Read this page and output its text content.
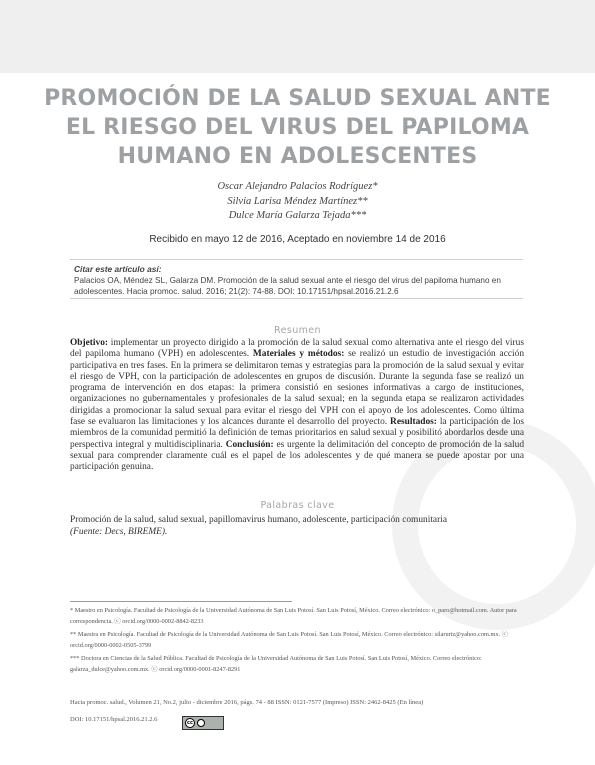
PROMOCIÓN DE LA SALUD SEXUAL ANTE
EL RIESGO DEL VIRUS DEL PAPILOMA
HUMANO EN ADOLESCENTES
Oscar Alejandro Palacios Rodríguez*
Silvia Larisa Méndez Martínez**
Dulce María Galarza Tejada***
Recibido en mayo 12 de 2016, Aceptado en noviembre 14 de 2016
Citar este artículo así:
Palacios OA, Méndez SL, Galarza DM. Promoción de la salud sexual ante el riesgo del virus del papiloma humano en adolescentes. Hacia promoc. salud. 2016; 21(2): 74-88. DOI: 10.17151/hpsal.2016.21.2.6
Resumen
Objetivo: implementar un proyecto dirigido a la promoción de la salud sexual como alternativa ante el riesgo del virus del papiloma humano (VPH) en adolescentes. Materiales y métodos: se realizó un estudio de investigación acción participativa en tres fases. En la primera se delimitaron temas y estrategias para la promoción de la salud sexual y evitar el riesgo de VPH, con la participación de adolescentes en grupos de discusión. Durante la segunda fase se realizó un programa de intervención en dos etapas: la primera consistió en sesiones informativas a cargo de instituciones, organizaciones no gubernamentales y profesionales de la salud sexual; en la segunda etapa se realizaron actividades dirigidas a promocionar la salud sexual para evitar el riesgo del VPH con el apoyo de los adolescentes. Como última fase se evaluaron las limitaciones y los alcances durante el desarrollo del proyecto. Resultados: la participación de los miembros de la comunidad permitió la definición de temas prioritarios en salud sexual y posibilitó abordarlos desde una perspectiva integral y multidisciplinaria. Conclusión: es urgente la delimitación del concepto de promoción de la salud sexual para comprender claramente cuál es el papel de los adolescentes y de qué manera se puede apostar por una participación genuina.
Palabras clave
Promoción de la salud, salud sexual, papillomavirus humano, adolescente, participación comunitaria
(Fuente: Decs, BIREME).
* Maestro en Psicología. Facultad de Psicología de la Universidad Autónoma de San Luis Potosí. San Luis Potosí, México. Correo electrónico: o_paro@hotmail.com. Autor para correspondencia. ⓒ orcid.org/0000-0002-8842-8233
** Maestra en Psicología. Facultad de Psicología de la Universidad Autónoma de San Luis Potosí. San Luis Potosí, México. Correo electrónico: silarurtz@yahoo.com.mx. ⓒ orcid.org/0000-0002-0505-3799
*** Doctora en Ciencias de la Salud Pública. Facultad de Psicología de la Universidad Autónoma de San Luis Potosí. San Luis Potosí, México. Correo electrónico: galarza_dulce@yahoo.com.mx. ⓒ orcid.org/0000-0001-8247-8291
Hacia promoc. salud., Volumen 21, No.2, julio - diciembre 2016, págs. 74 - 88 ISSN: 0121-7577 (Impreso) ISSN: 2462-8425 (En línea)
DOI: 10.17151/hpsal.2016.21.2.6	cc
